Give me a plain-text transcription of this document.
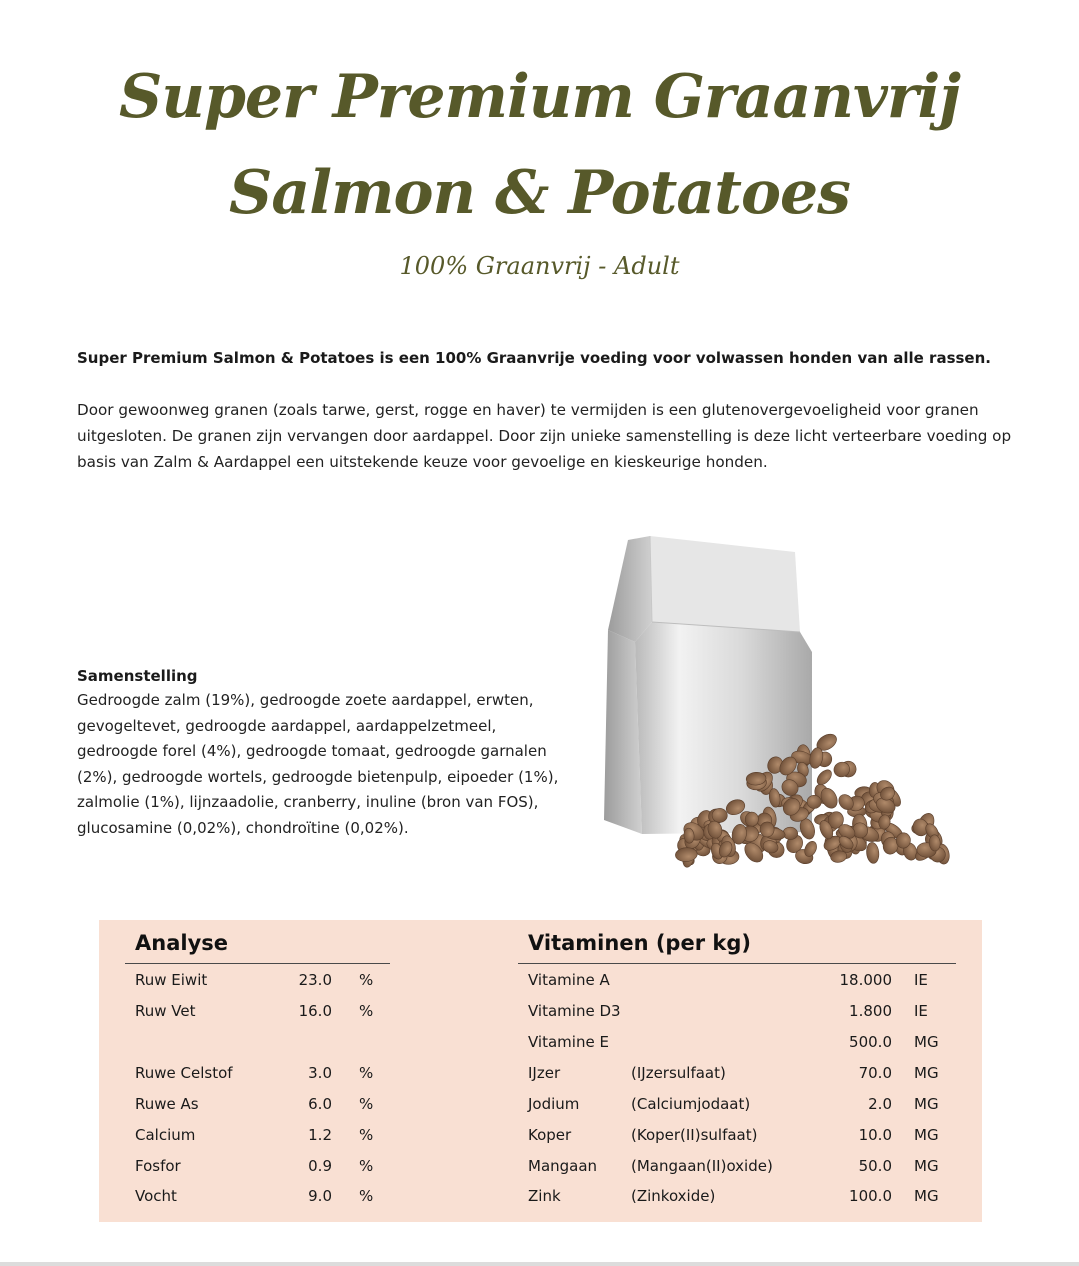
Super Premium Graanvrij
Salmon & Potatoes
100% Graanvrij - Adult

Super Premium Salmon & Potatoes is een 100% Graanvrije voeding voor volwassen honden van alle rassen.

Door gewoonweg granen (zoals tarwe, gerst, rogge en haver) te vermijden is een glutenovergevoeligheid voor granen uitgesloten. De granen zijn vervangen door aardappel. Door zijn unieke samenstelling is deze licht verteerbare voeding op basis van Zalm & Aardappel een uitstekende keuze voor gevoelige en kieskeurige honden.

Samenstelling
Gedroogde zalm (19%), gedroogde zoete aardappel, erwten, gevogeltevet, gedroogde aardappel, aardappelzetmeel, gedroogde forel (4%), gedroogde tomaat, gedroogde garnalen (2%), gedroogde wortels, gedroogde bietenpulp, eipoeder (1%), zalmolie (1%), lijnzaadolie, cranberry, inuline (bron van FOS), glucosamine (0,02%), chondroïtine (0,02%).
Analyse	Vitaminen (per kg)
Ruw Eiwit	23.0 %
Ruw Vet	16.0 %
Ruwe Celstof	3.0 %
Ruwe As	6.0 %
Calcium	1.2 %
Fosfor	0.9 %
Vocht	9.0 %
Vitamine A	18.000 IE
Vitamine D3	1.800 IE
Vitamine E	500.0 MG
IJzer	(IJzersulfaat)	70.0 MG
Jodium	(Calciumjodaat)	2.0 MG
Koper	(Koper(II)sulfaat)	10.0 MG
Mangaan (Mangaan(II)oxide)	50.0 MG
Zink	(Zinkoxide)	100.0 MG
